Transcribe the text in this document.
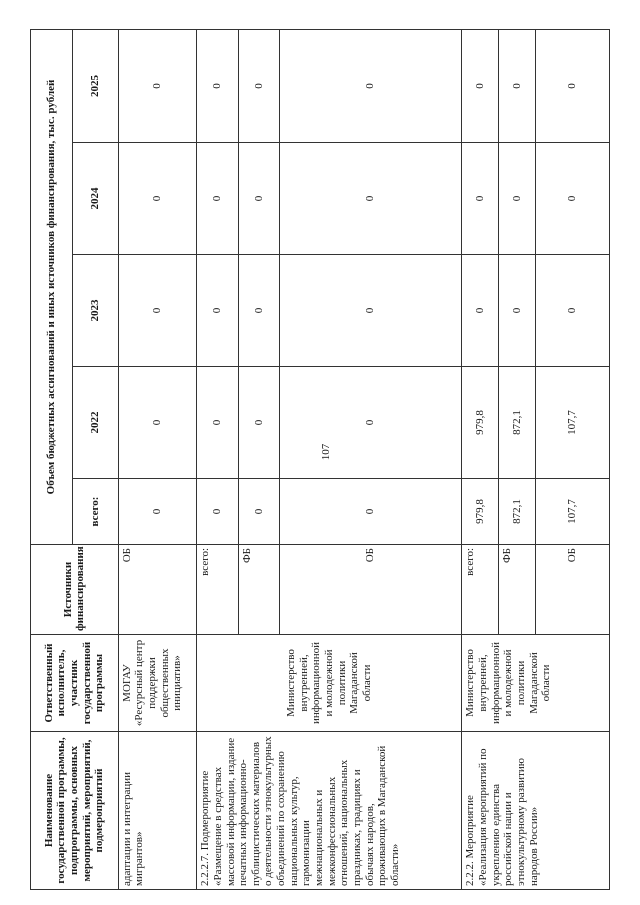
107
Наименование государственной программы, подпрограммы, основных мероприятий, мероприятий, подмероприятий	Ответственный исполнитель, участник государственной программы	Источники финансирования	Объем бюджетных ассигнований и иных источников финансирования, тыс. рублей				
			всего:	2022	2023	2024	2025
адаптации и интеграции мигрантов»	МОГАУ «Ресурсный центр поддержки общественных инициатив»	ОБ	0	0	0	0	0
2.2.2.7. Подмероприятие «Размещение в средствах массовой информации, издание печатных информационно-публицистических материалов о деятельности этнокультурных объединений по сохранению национальных культур, гармонизации межнациональных и межконфессиональных отношений, национальных праздниках, традициях и обычаях народов, проживающих в Магаданской области»	Министерство внутренней, информационной и молодежной политики Магаданской области	всего:	0	0	0	0	0
		ФБ	0	0	0	0	0
		ОБ	0	0	0	0	0
2.2.2. Мероприятие «Реализация мероприятий по укреплению единства российской нации и этнокультурному развитию народов России»	Министерство внутренней, информационной и молодежной политики Магаданской области	всего:	979,8	979,8	0	0	0
		ФБ	872,1	872,1	0	0	0
		ОБ	107,7	107,7	0	0	0
